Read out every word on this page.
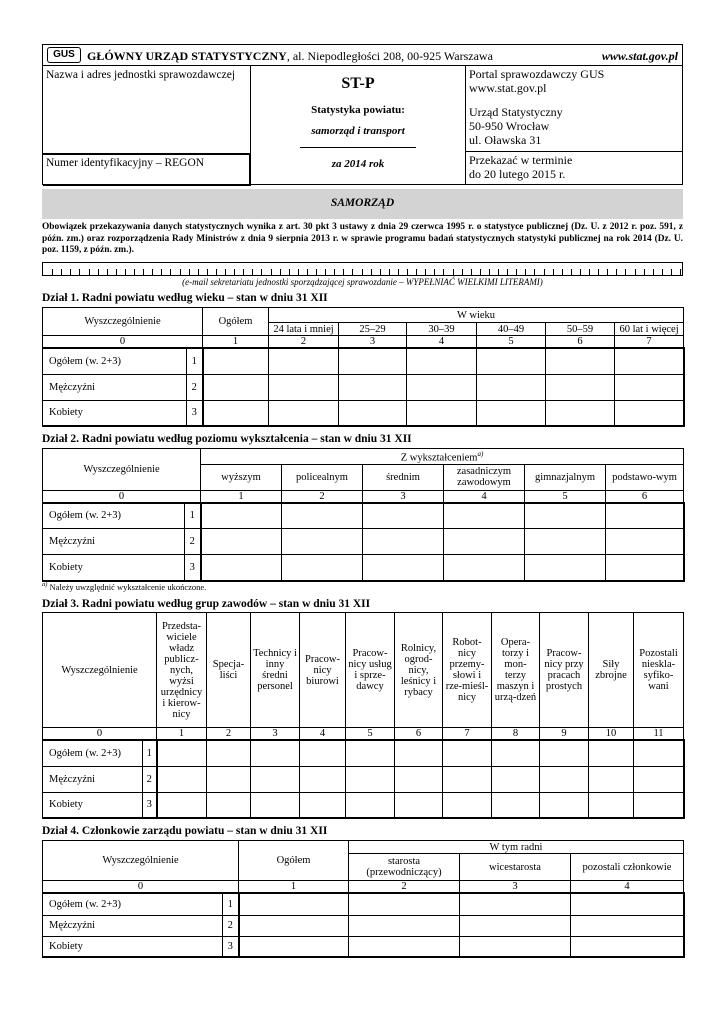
GUS	GŁÓWNY URZĄD STATYSTYCZNY, al. Niepodległości 208, 00-925 Warszawa	www.stat.gov.pl
Nazwa i adres jednostki sprawozdawczej
Numer identyfikacyjny – REGON
ST-P
Statystyka powiatu:
samorząd i transport
za 2014 rok
Portal sprawozdawczy GUS
www.stat.gov.pl
Urząd Statystyczny
50-950 Wrocław
ul. Oławska 31
Przekazać w terminie
do 20 lutego 2015 r.
SAMORZĄD
Obowiązek przekazywania danych statystycznych wynika z art. 30 pkt 3 ustawy z dnia 29 czerwca 1995 r. o statystyce publicznej (Dz. U. z 2012 r. poz. 591, z późn. zm.) oraz rozporządzenia Rady Ministrów z dnia 9 sierpnia 2013 r. w sprawie programu badań statystycznych statystyki publicznej na rok 2014 (Dz. U. poz. 1159, z późn. zm.).
(e-mail sekretariatu jednostki sporządzającej sprawozdanie – WYPEŁNIAĆ WIELKIMI LITERAMI)
Dział 1. Radni powiatu według wieku – stan w dniu 31 XII
Wyszczególnienie		Ogółem	W wieku					
			24 lata i mniej	25–29	30–39	40–49	50–59	60 lat i więcej
0		1	2	3	4	5	6	7
Ogółem (w. 2+3)	1							
Mężczyźni	2							
Kobiety	3							
Dział 2. Radni powiatu według poziomu wykształcenia – stan w dniu 31 XII
Wyszczególnienie		Z wykształceniem$^{a)}$
		wyższym	policealnym	średnim	zasadniczym zawodowym	gimnazjalnym	podstawo-wym
0		1	2	3	4	5	6
Ogółem (w. 2+3)	1						
Mężczyźni	2						
Kobiety	3						
$^{a)}$ Należy uwzględnić wykształcenie ukończone.
Dział 3. Radni powiatu według grup zawodów – stan w dniu 31 XII
Wyszczególnienie		Przedsta-wiciele władz publicz-nych, wyżsi urzędnicy i kierow-nicy	Specja-liści	Technicy i inny średni personel	Pracow-nicy biurowi	Pracow-nicy usług i sprze-dawcy	Rolnicy, ogrod-nicy, leśnicy i rybacy	Robot-nicy przemy-słowi i rze-mieśl-nicy	Opera-torzy i mon-terzy maszyn i urzą-dzeń	Pracow-nicy przy pracach prostych	Siły zbrojne	Pozostali niesklа-syfiko-wani
0		1	2	3	4	5	6	7	8	9	10	11
Ogółem (w. 2+3)	1											
Mężczyźni	2											
Kobiety	3											
Dział 4. Członkowie zarządu powiatu – stan w dniu 31 XII
Wyszczególnienie		Ogółem	W tym radni		
			starosta (przewodniczący)	wicestarosta	pozostali członkowie
0		1	2	3	4
Ogółem (w. 2+3)	1				
Mężczyźni	2				
Kobiety	3				
